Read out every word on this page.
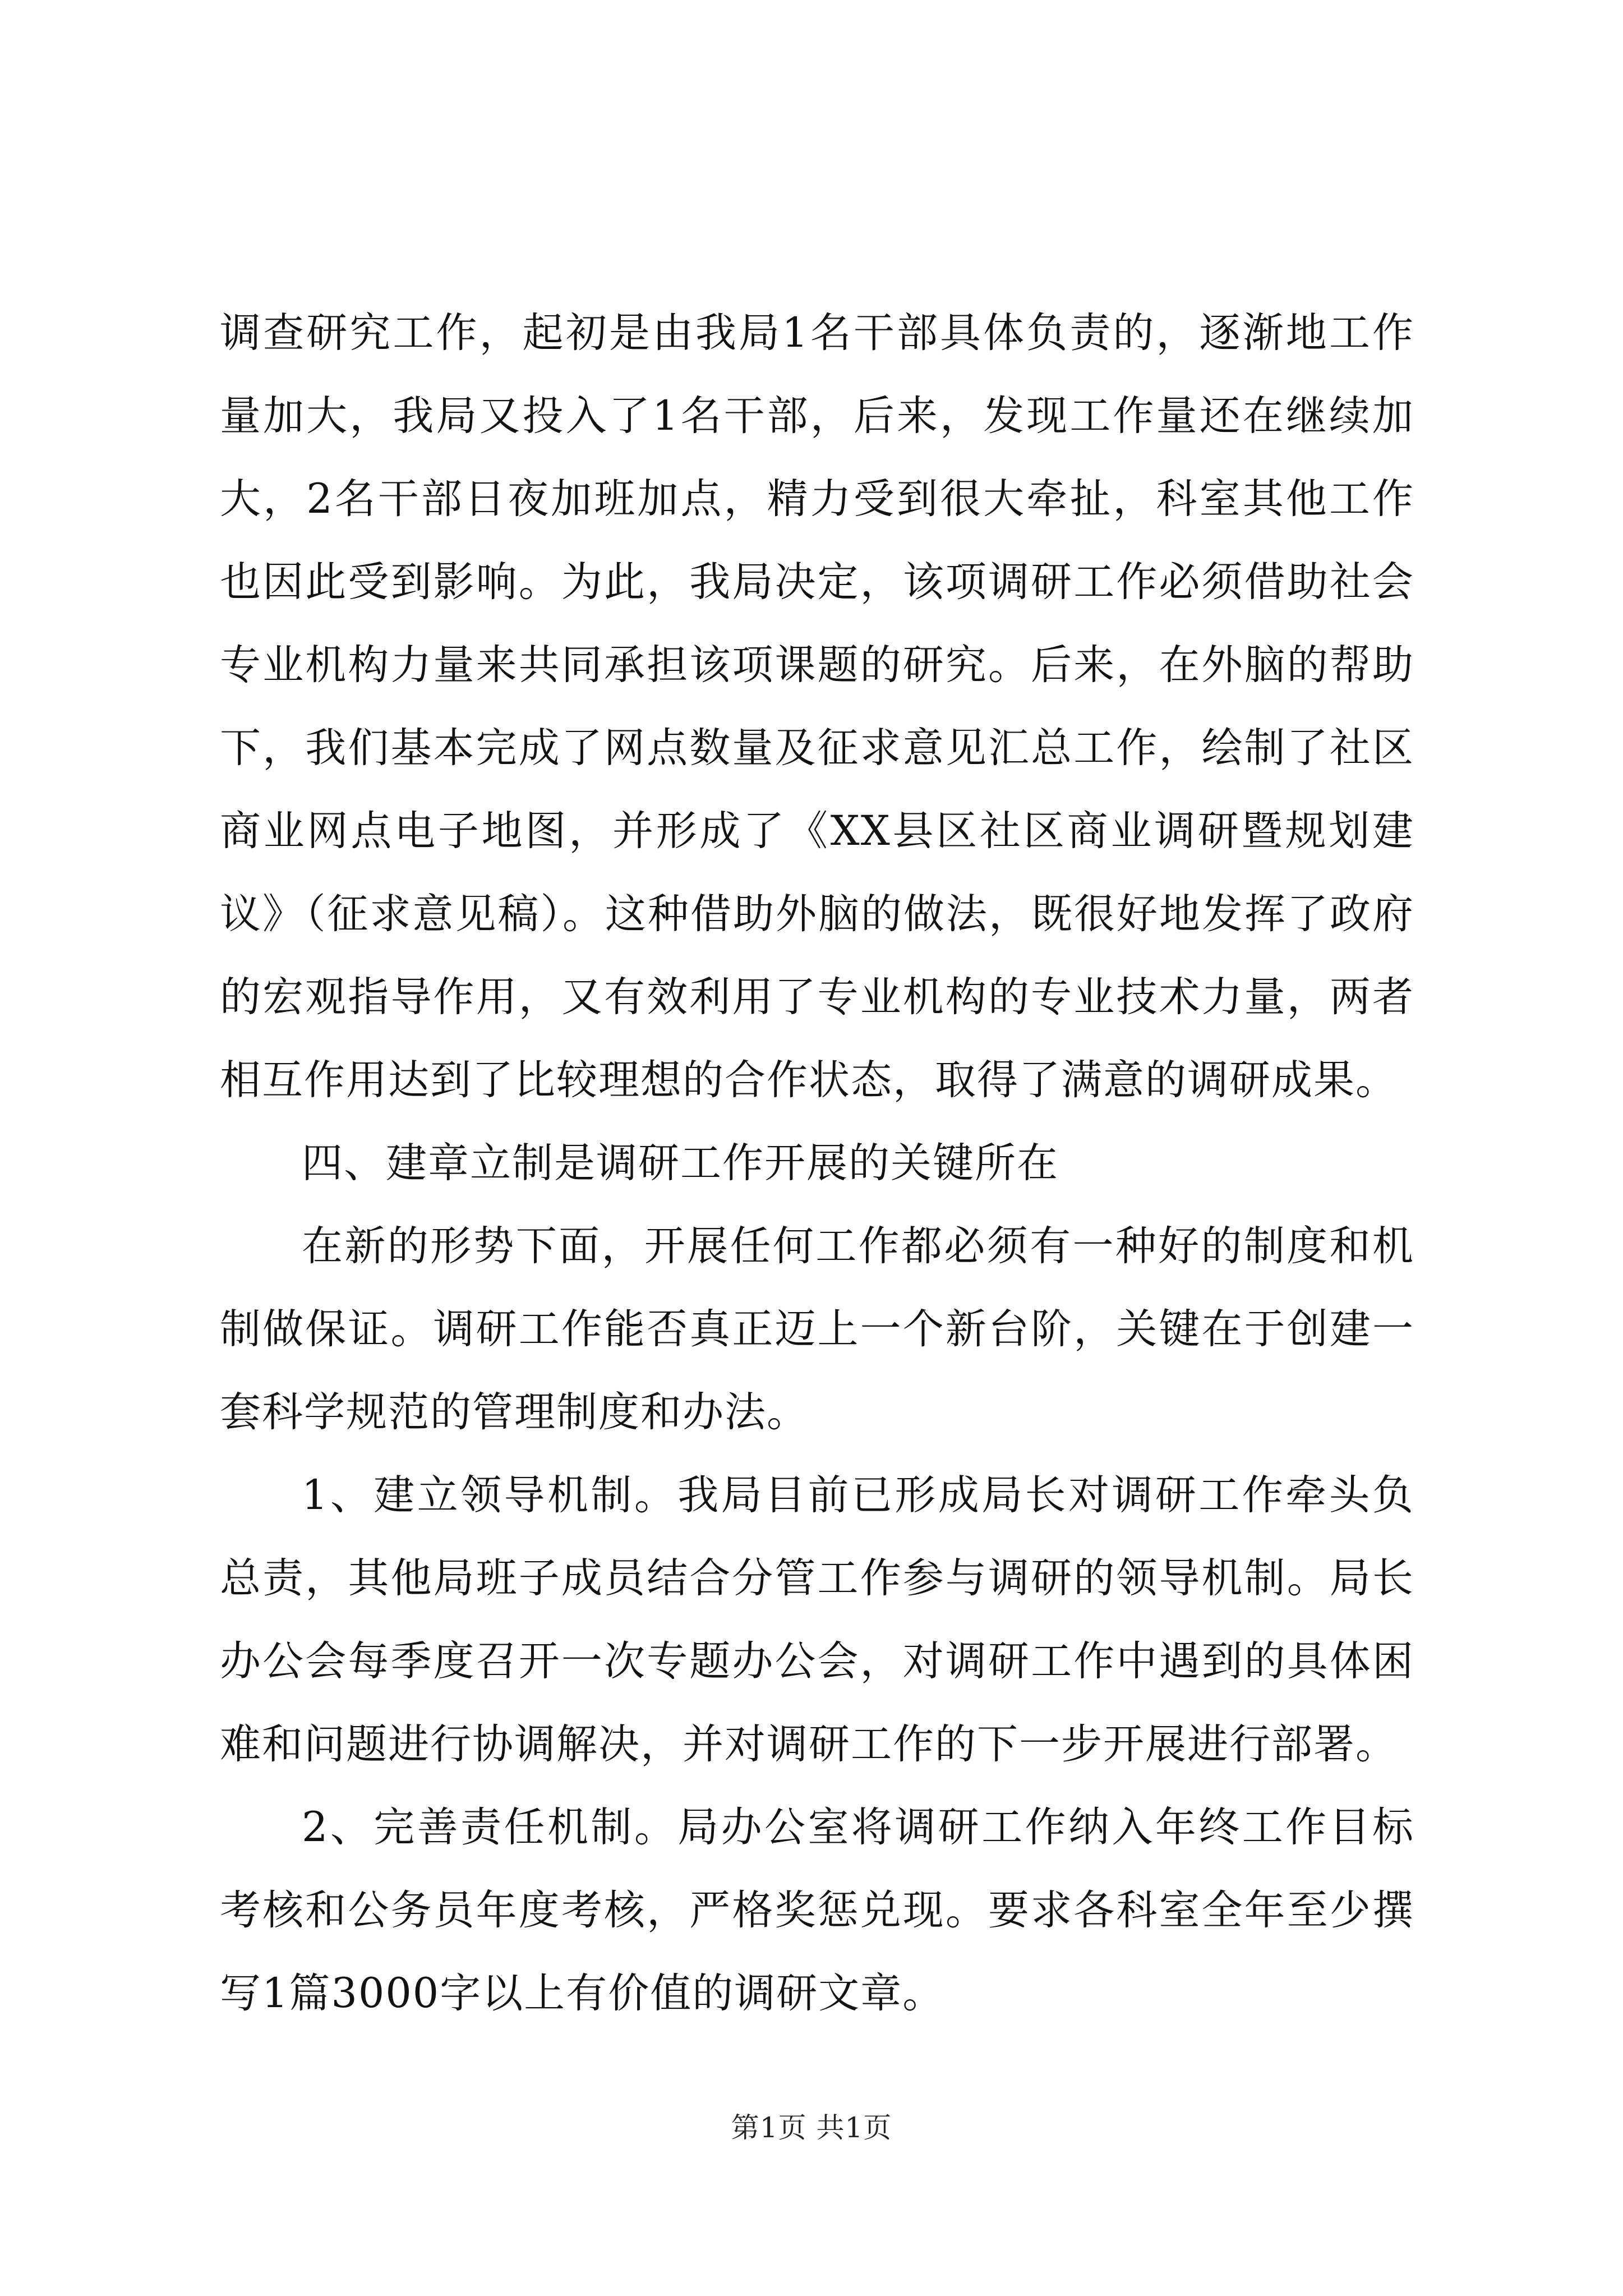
调查研究工作，起初是由我局1名干部具体负责的，逐渐地工作量加大，我局又投入了1名干部，后来，发现工作量还在继续加大，2名干部日夜加班加点，精力受到很大牵扯，科室其他工作也因此受到影响。为此，我局决定，该项调研工作必须借助社会专业机构力量来共同承担该项课题的研究。后来，在外脑的帮助下，我们基本完成了网点数量及征求意见汇总工作，绘制了社区商业网点电子地图，并形成了《XX县区社区商业调研暨规划建议》（征求意见稿）。这种借助外脑的做法，既很好地发挥了政府的宏观指导作用，又有效利用了专业机构的专业技术力量，两者相互作用达到了比较理想的合作状态，取得了满意的调研成果。

四、建章立制是调研工作开展的关键所在

在新的形势下面，开展任何工作都必须有一种好的制度和机制做保证。调研工作能否真正迈上一个新台阶，关键在于创建一套科学规范的管理制度和办法。

1、建立领导机制。我局目前已形成局长对调研工作牵头负总责，其他局班子成员结合分管工作参与调研的领导机制。局长办公会每季度召开一次专题办公会，对调研工作中遇到的具体困难和问题进行协调解决，并对调研工作的下一步开展进行部署。

2、完善责任机制。局办公室将调研工作纳入年终工作目标考核和公务员年度考核，严格奖惩兑现。要求各科室全年至少撰写1篇3000字以上有价值的调研文章。

第1页 共1页
